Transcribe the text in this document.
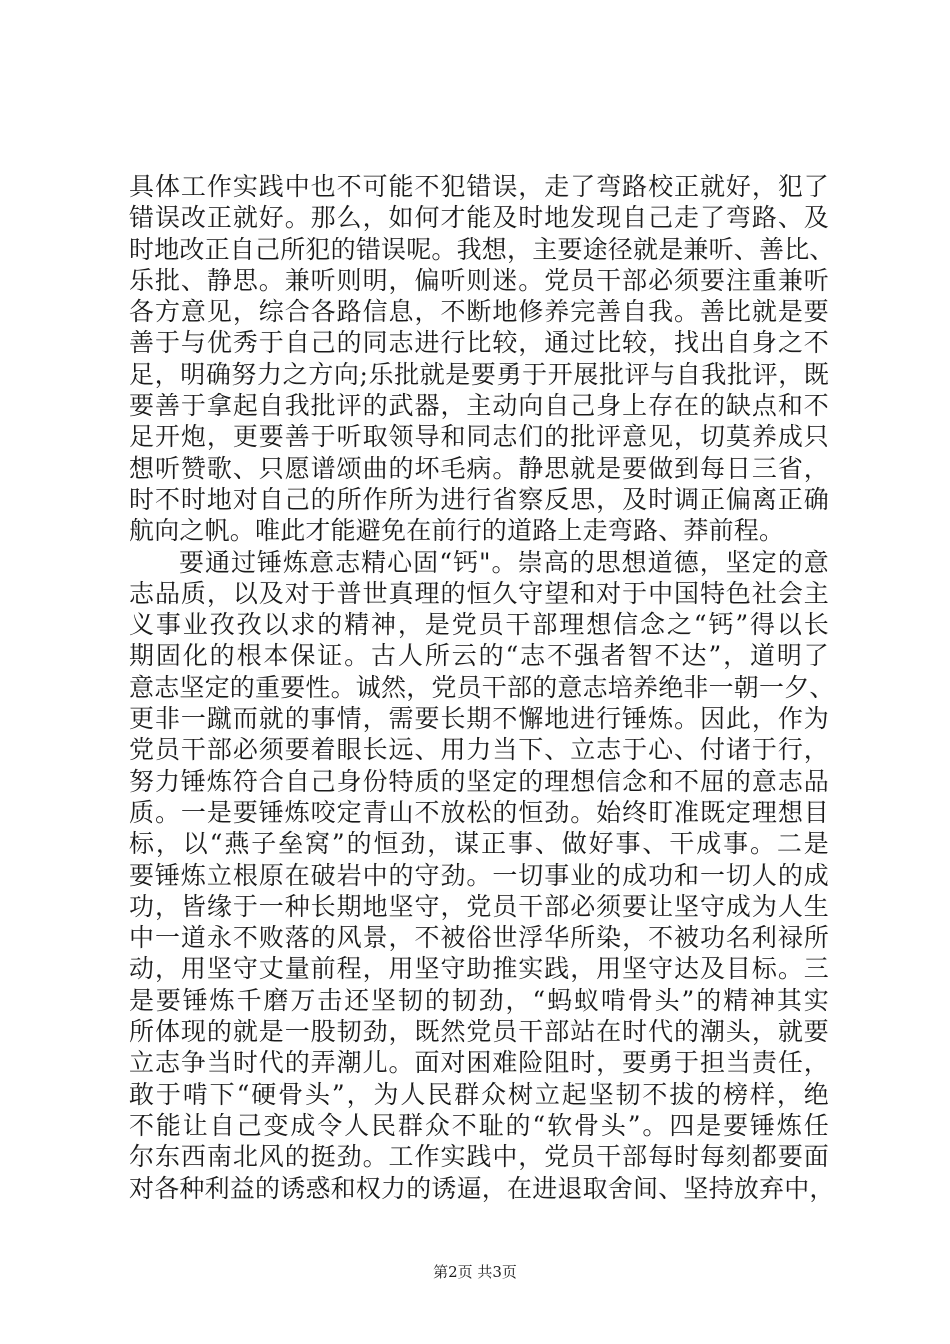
具体工作实践中也不可能不犯错误，走了弯路校正就好，犯了
错误改正就好。那么，如何才能及时地发现自己走了弯路、及
时地改正自己所犯的错误呢。我想，主要途径就是兼听、善比、
乐批、静思。兼听则明，偏听则迷。党员干部必须要注重兼听
各方意见，综合各路信息，不断地修养完善自我。善比就是要
善于与优秀于自己的同志进行比较，通过比较，找出自身之不
足，明确努力之方向;乐批就是要勇于开展批评与自我批评，既
要善于拿起自我批评的武器，主动向自己身上存在的缺点和不
足开炮，更要善于听取领导和同志们的批评意见，切莫养成只
想听赞歌、只愿谱颂曲的坏毛病。静思就是要做到每日三省，
时不时地对自己的所作所为进行省察反思，及时调正偏离正确
航向之帆。唯此才能避免在前行的道路上走弯路、莽前程。
要通过锤炼意志精心固“钙"。崇高的思想道德，坚定的意
志品质，以及对于普世真理的恒久守望和对于中国特色社会主
义事业孜孜以求的精神，是党员干部理想信念之“钙”得以长
期固化的根本保证。古人所云的“志不强者智不达”，道明了
意志坚定的重要性。诚然，党员干部的意志培养绝非一朝一夕、
更非一蹴而就的事情，需要长期不懈地进行锤炼。因此，作为
党员干部必须要着眼长远、用力当下、立志于心、付诸于行，
努力锤炼符合自己身份特质的坚定的理想信念和不屈的意志品
质。一是要锤炼咬定青山不放松的恒劲。始终盯准既定理想目
标，以“燕子垒窝”的恒劲，谋正事、做好事、干成事。二是
要锤炼立根原在破岩中的守劲。一切事业的成功和一切人的成
功，皆缘于一种长期地坚守，党员干部必须要让坚守成为人生
中一道永不败落的风景，不被俗世浮华所染，不被功名利禄所
动，用坚守丈量前程，用坚守助推实践，用坚守达及目标。三
是要锤炼千磨万击还坚韧的韧劲，“蚂蚁啃骨头”的精神其实
所体现的就是一股韧劲，既然党员干部站在时代的潮头，就要
立志争当时代的弄潮儿。面对困难险阻时，要勇于担当责任，
敢于啃下“硬骨头”，为人民群众树立起坚韧不拔的榜样，绝
不能让自己变成令人民群众不耻的“软骨头”。四是要锤炼任
尔东西南北风的挺劲。工作实践中，党员干部每时每刻都要面
对各种利益的诱惑和权力的诱逼，在进退取舍间、坚持放弃中，
第2页 共3页
